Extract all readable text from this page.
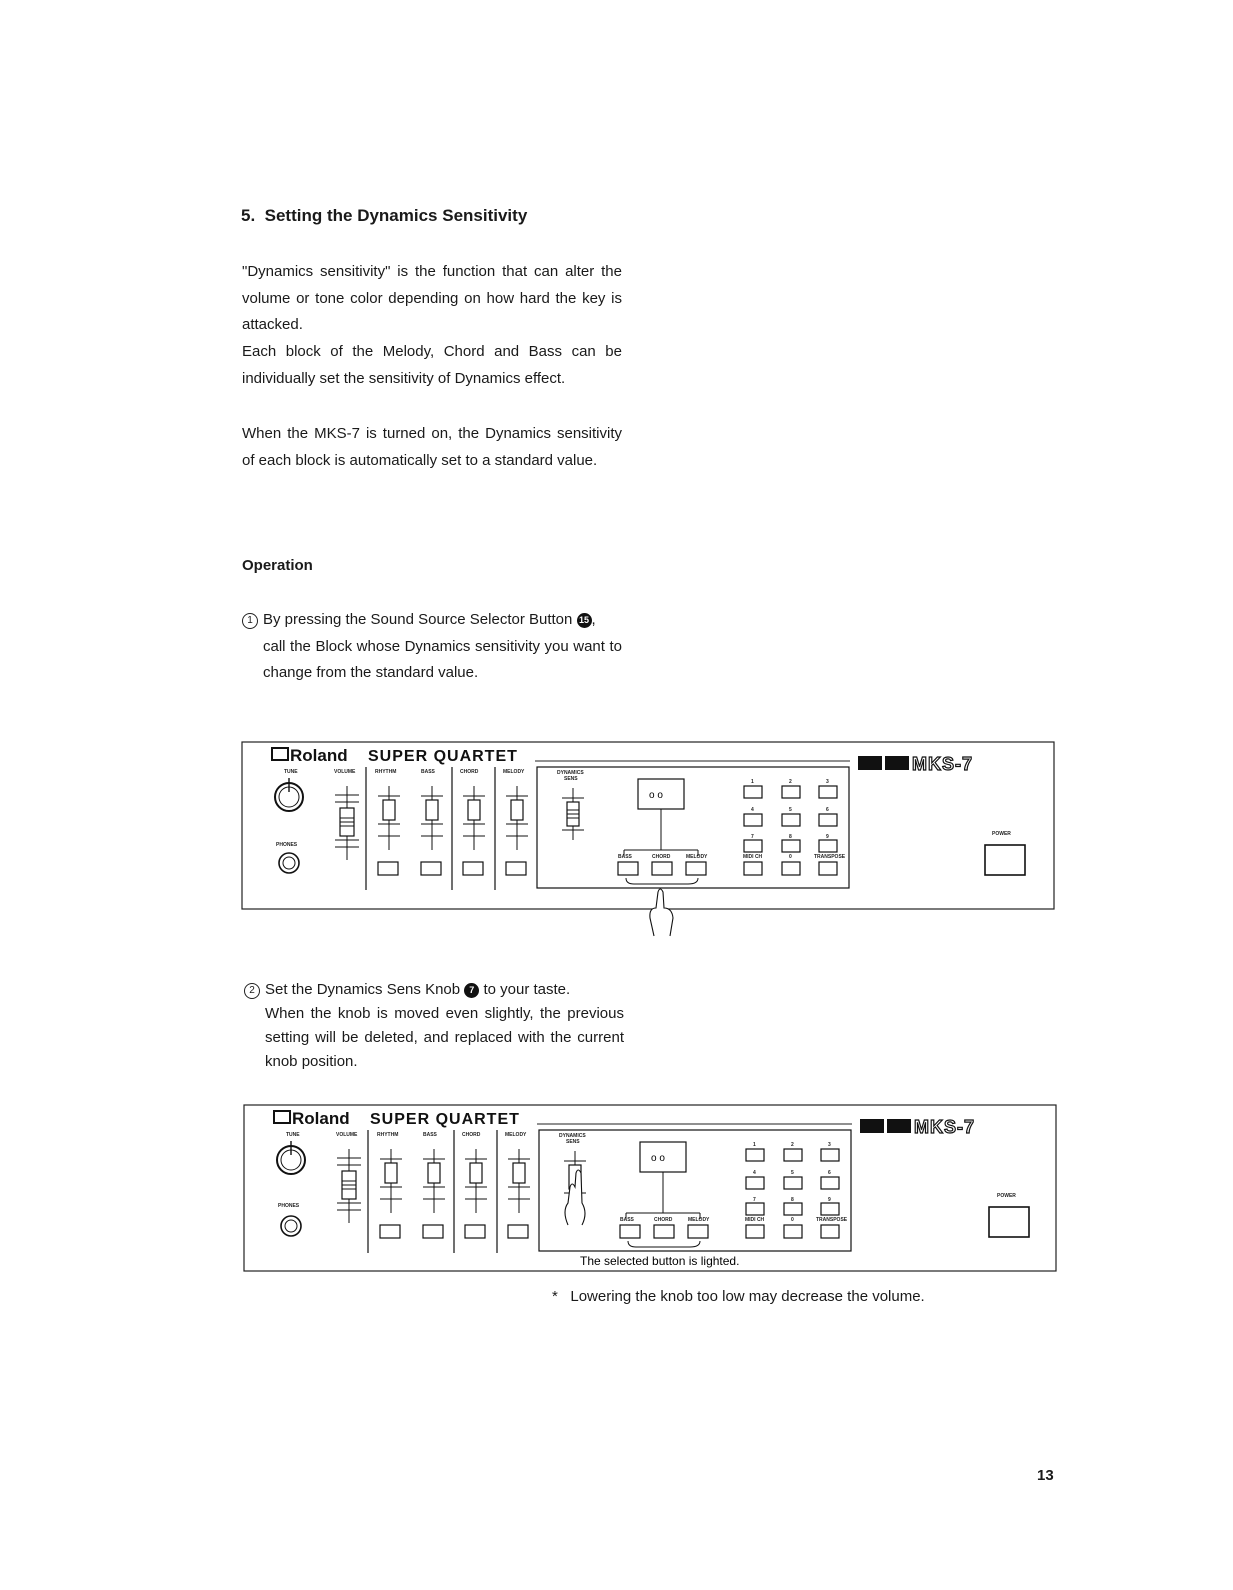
5. Setting the Dynamics Sensitivity

"Dynamics sensitivity" is the function that can alter the volume or tone color depending on how hard the key is attacked.

Each block of the Melody, Chord and Bass can be individually set the sensitivity of Dynamics effect.

When the MKS-7 is turned on, the Dynamics sensitivity of each block is automatically set to a standard value.

Operation
1 By pressing the Sound Source Selector Button 15 ,
call the Block whose Dynamics sensitivity you want to change from the standard value.
Roland SUPER QUARTET	MKS-7
TUNE	VOLUME
PHONES
RHYTHM	BASS	CHORD	MELODY	DYNAMICS
SENS
o o
BASS	CHORD	MELODY
1	2	3
4	5	6
7	8	9
MIDI CH	0	TRANSPOSE
POWER
2 Set the Dynamics Sens Knob 7 to your taste.
When the knob is moved even slightly, the previous setting will be deleted, and replaced with the current knob position.
Roland SUPER QUARTET	MKS-7
TUNE	VOLUME
PHONES
RHYTHM	BASS	CHORD	MELODY	DYNAMICS
SENS
o o
BASS	CHORD	MELODY
The selected button is lighted.
1	2	3
4	5	6
7	8	9
MIDI CH	0	TRANSPOSE
POWER
* Lowering the knob too low may decrease the volume.
13
